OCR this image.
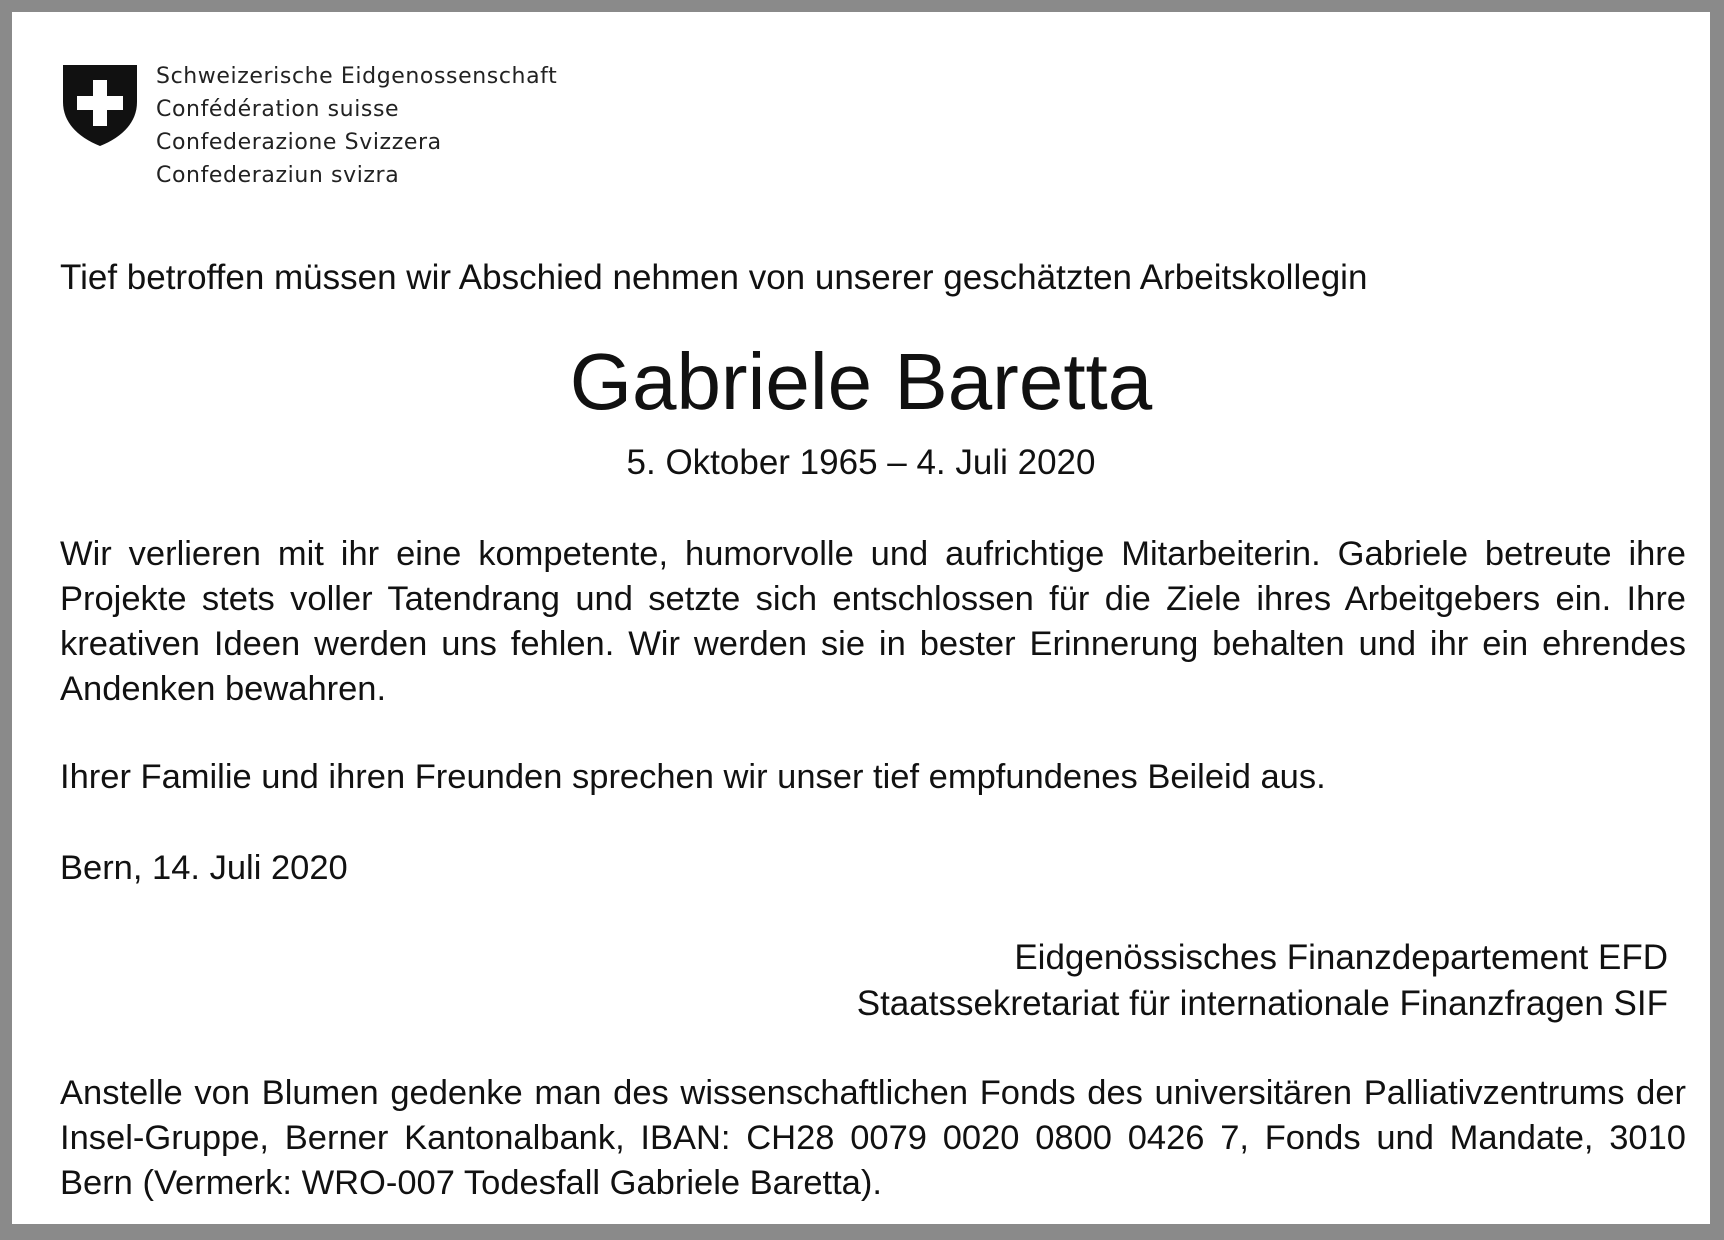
Schweizerische Eidgenossenschaft
Confédération suisse
Confederazione Svizzera
Confederaziun svizra
Tief betroffen müssen wir Abschied nehmen von unserer geschätzten Arbeitskollegin
Gabriele Baretta
5. Oktober 1965 – 4. Juli 2020
Wir verlieren mit ihr eine kompetente, humorvolle und aufrichtige Mitarbeiterin. Gabriele betreute ihre Projekte stets voller Tatendrang und setzte sich entschlossen für die Ziele ihres Arbeitgebers ein. Ihre kreativen Ideen werden uns fehlen. Wir werden sie in bester Erinnerung behalten und ihr ein ehrendes Andenken bewahren.
Ihrer Familie und ihren Freunden sprechen wir unser tief empfundenes Beileid aus.
Bern, 14. Juli 2020
Eidgenössisches Finanzdepartement EFD
Staatssekretariat für internationale Finanzfragen SIF
Anstelle von Blumen gedenke man des wissenschaftlichen Fonds des universitären Palliativzentrums der Insel-Gruppe, Berner Kantonalbank, IBAN: CH28 0079 0020 0800 0426 7, Fonds und Mandate, 3010 Bern (Vermerk: WRO-007 Todesfall Gabriele Baretta).
